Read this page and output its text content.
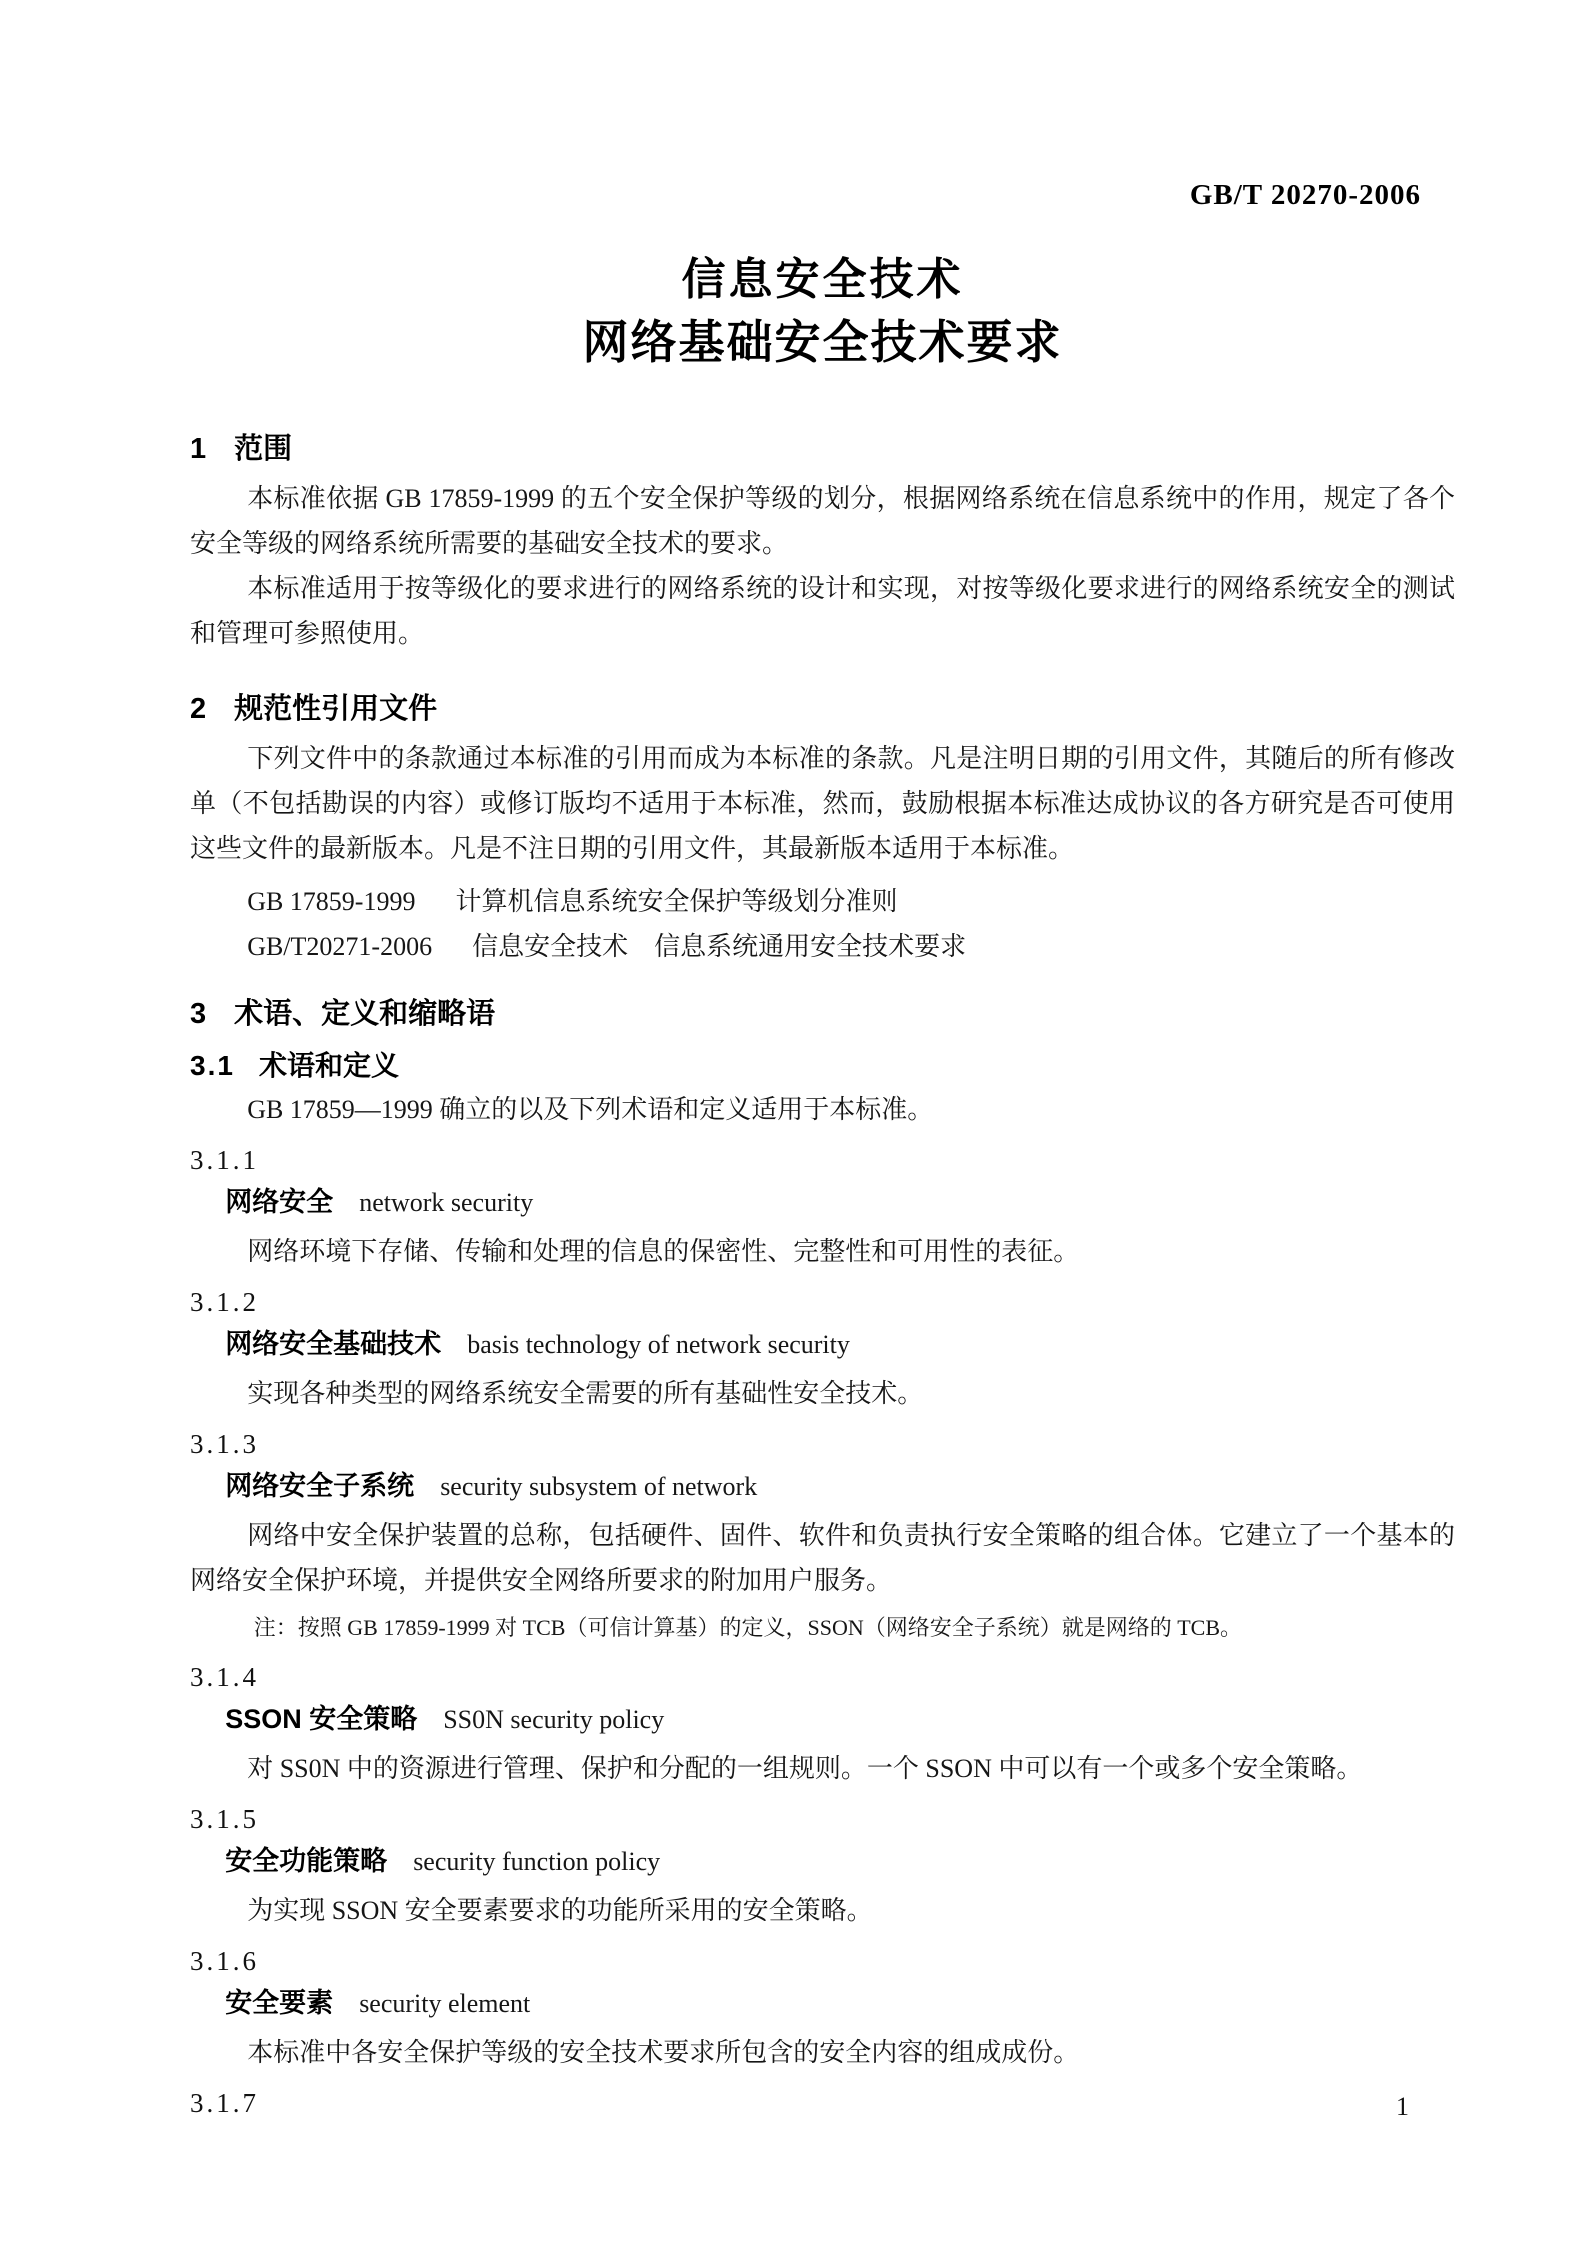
GB/T 20270-2006
信息安全技术
网络基础安全技术要求
1 范围

本标准依据 GB 17859-1999 的五个安全保护等级的划分，根据网络系统在信息系统中的作用，规定了各个安全等级的网络系统所需要的基础安全技术的要求。

本标准适用于按等级化的要求进行的网络系统的设计和实现，对按等级化要求进行的网络系统安全的测试和管理可参照使用。

2 规范性引用文件

下列文件中的条款通过本标准的引用而成为本标准的条款。凡是注明日期的引用文件，其随后的所有修改单（不包括勘误的内容）或修订版均不适用于本标准，然而，鼓励根据本标准达成协议的各方研究是否可使用这些文件的最新版本。凡是不注日期的引用文件，其最新版本适用于本标准。

GB 17859-1999 计算机信息系统安全保护等级划分准则
GB/T20271-2006 信息安全技术　信息系统通用安全技术要求
3 术语、定义和缩略语
3.1 术语和定义

GB 17859—1999 确立的以及下列术语和定义适用于本标准。

3.1.1
网络安全 network security
网络环境下存储、传输和处理的信息的保密性、完整性和可用性的表征。
3.1.2
网络安全基础技术 basis technology of network security
实现各种类型的网络系统安全需要的所有基础性安全技术。
3.1.3
网络安全子系统 security subsystem of network
网络中安全保护装置的总称，包括硬件、固件、软件和负责执行安全策略的组合体。它建立了一个基本的网络安全保护环境，并提供安全网络所要求的附加用户服务。
注：按照 GB 17859-1999 对 TCB（可信计算基）的定义，SSON（网络安全子系统）就是网络的 TCB。
3.1.4
SSON 安全策略 SS0N security policy
对 SS0N 中的资源进行管理、保护和分配的一组规则。一个 SSON 中可以有一个或多个安全策略。
3.1.5
安全功能策略 security function policy
为实现 SSON 安全要素要求的功能所采用的安全策略。
3.1.6
安全要素 security element
本标准中各安全保护等级的安全技术要求所包含的安全内容的组成成份。
3.1.7	1
